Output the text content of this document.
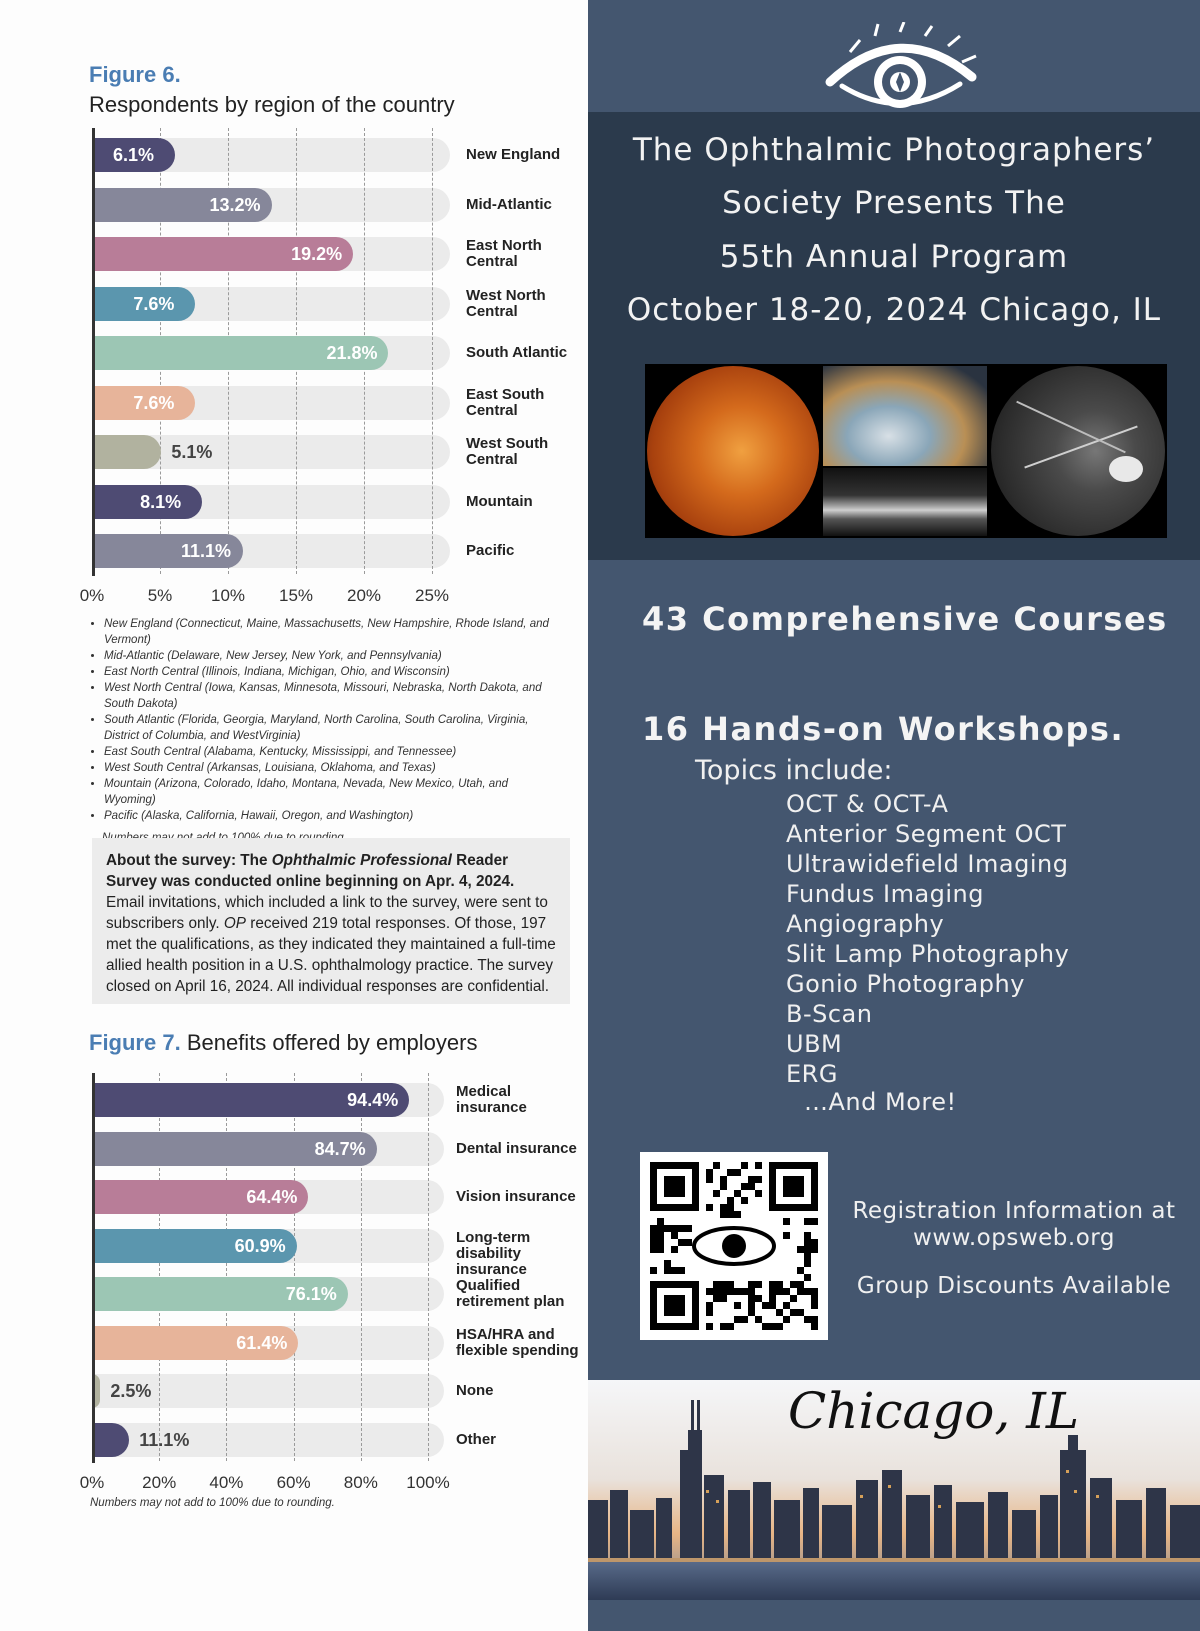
Figure 6.
Respondents by region of the country
0%	5% 10% 15% 20% 25%
6.1%	New England
13.2%	Mid-Atlantic
19.2%	East North
Central
7.6%	West North
Central
21.8%	South Atlantic
7.6%	East South
Central
5.1%	West South
Central
8.1%	Mountain
11.1%	Pacific
• New England (Connecticut, Maine, Massachusetts, New Hampshire, Rhode Island, and Vermont)
• Mid-Atlantic (Delaware, New Jersey, New York, and Pennsylvania)
• East North Central (Illinois, Indiana, Michigan, Ohio, and Wisconsin)
• West North Central (Iowa, Kansas, Minnesota, Missouri, Nebraska, North Dakota, and South Dakota)
• South Atlantic (Florida, Georgia, Maryland, North Carolina, South Carolina, Virginia, District of Columbia, and WestVirginia)
• East South Central (Alabama, Kentucky, Mississippi, and Tennessee)
• West South Central (Arkansas, Louisiana, Oklahoma, and Texas)
• Mountain (Arizona, Colorado, Idaho, Montana, Nevada, New Mexico, Utah, and Wyoming)
• Pacific (Alaska, California, Hawaii, Oregon, and Washington)
About the survey: The Ophthalmic Professional Reader Survey was conducted online beginning on Apr. 4, 2024. Email invitations, which included a link to the survey, were sent to subscribers only. OP received 219 total responses. Of those, 197 met the qualifications, as they indicated they maintained a full-time allied health position in a U.S. ophthalmology practice. The survey closed on April 16, 2024. All individual responses are confidential.
Figure 7. Benefits offered by employers
0% 20% 40% 60% 80% 100%
94.4%	Medical
insurance
84.7%	Dental insurance
64.4%	Vision insurance
60.9%	Long-term disability
insurance
76.1%	Qualified
retirement plan
61.4%	HSA/HRA and
flexible spending
2.5%	None
11.1%	Other
Numbers may not add to 100% due to rounding.
The Ophthalmic Photographers’
Society Presents The
55th Annual Program
October 18-20, 2024 Chicago, IL
43 Comprehensive Courses
16 Hands-on Workshops.
Topics include:
OCT & OCT-A
Anterior Segment OCT
Ultrawidefield Imaging
Fundus Imaging
Angiography
Slit Lamp Photography
Gonio Photography
B-Scan
UBM
ERG
…And More!
Registration Information at
www.opsweb.org
Group Discounts Available
Chicago, IL
